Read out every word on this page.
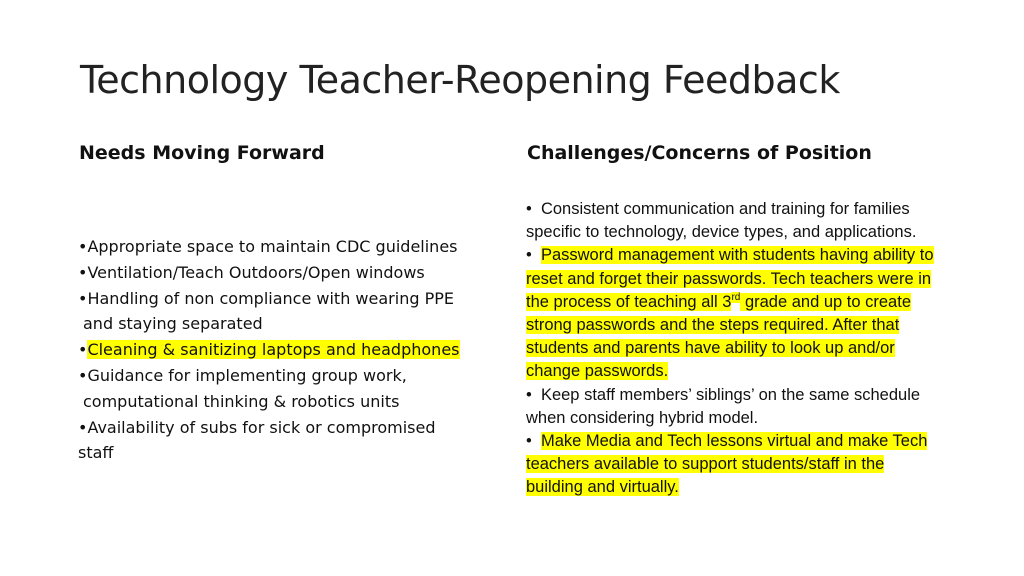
Technology Teacher-Reopening Feedback
Needs Moving Forward	Challenges/Concerns of Position
•Appropriate space to maintain CDC guidelines
•Ventilation/Teach Outdoors/Open windows
•Handling of non compliance with wearing PPE
and staying separated
•Cleaning & sanitizing laptops and headphones
•Guidance for implementing group work,
computational thinking & robotics units
•Availability of subs for sick or compromised
staff
• Consistent communication and training for families
specific to technology, device types, and applications.
• Password management with students having ability to
reset and forget their passwords. Tech teachers were in
the process of teaching all 3rd grade and up to create
strong passwords and the steps required. After that
students and parents have ability to look up and/or
change passwords.
• Keep staff members’ siblings’ on the same schedule
when considering hybrid model.
• Make Media and Tech lessons virtual and make Tech
teachers available to support students/staff in the
building and virtually.
